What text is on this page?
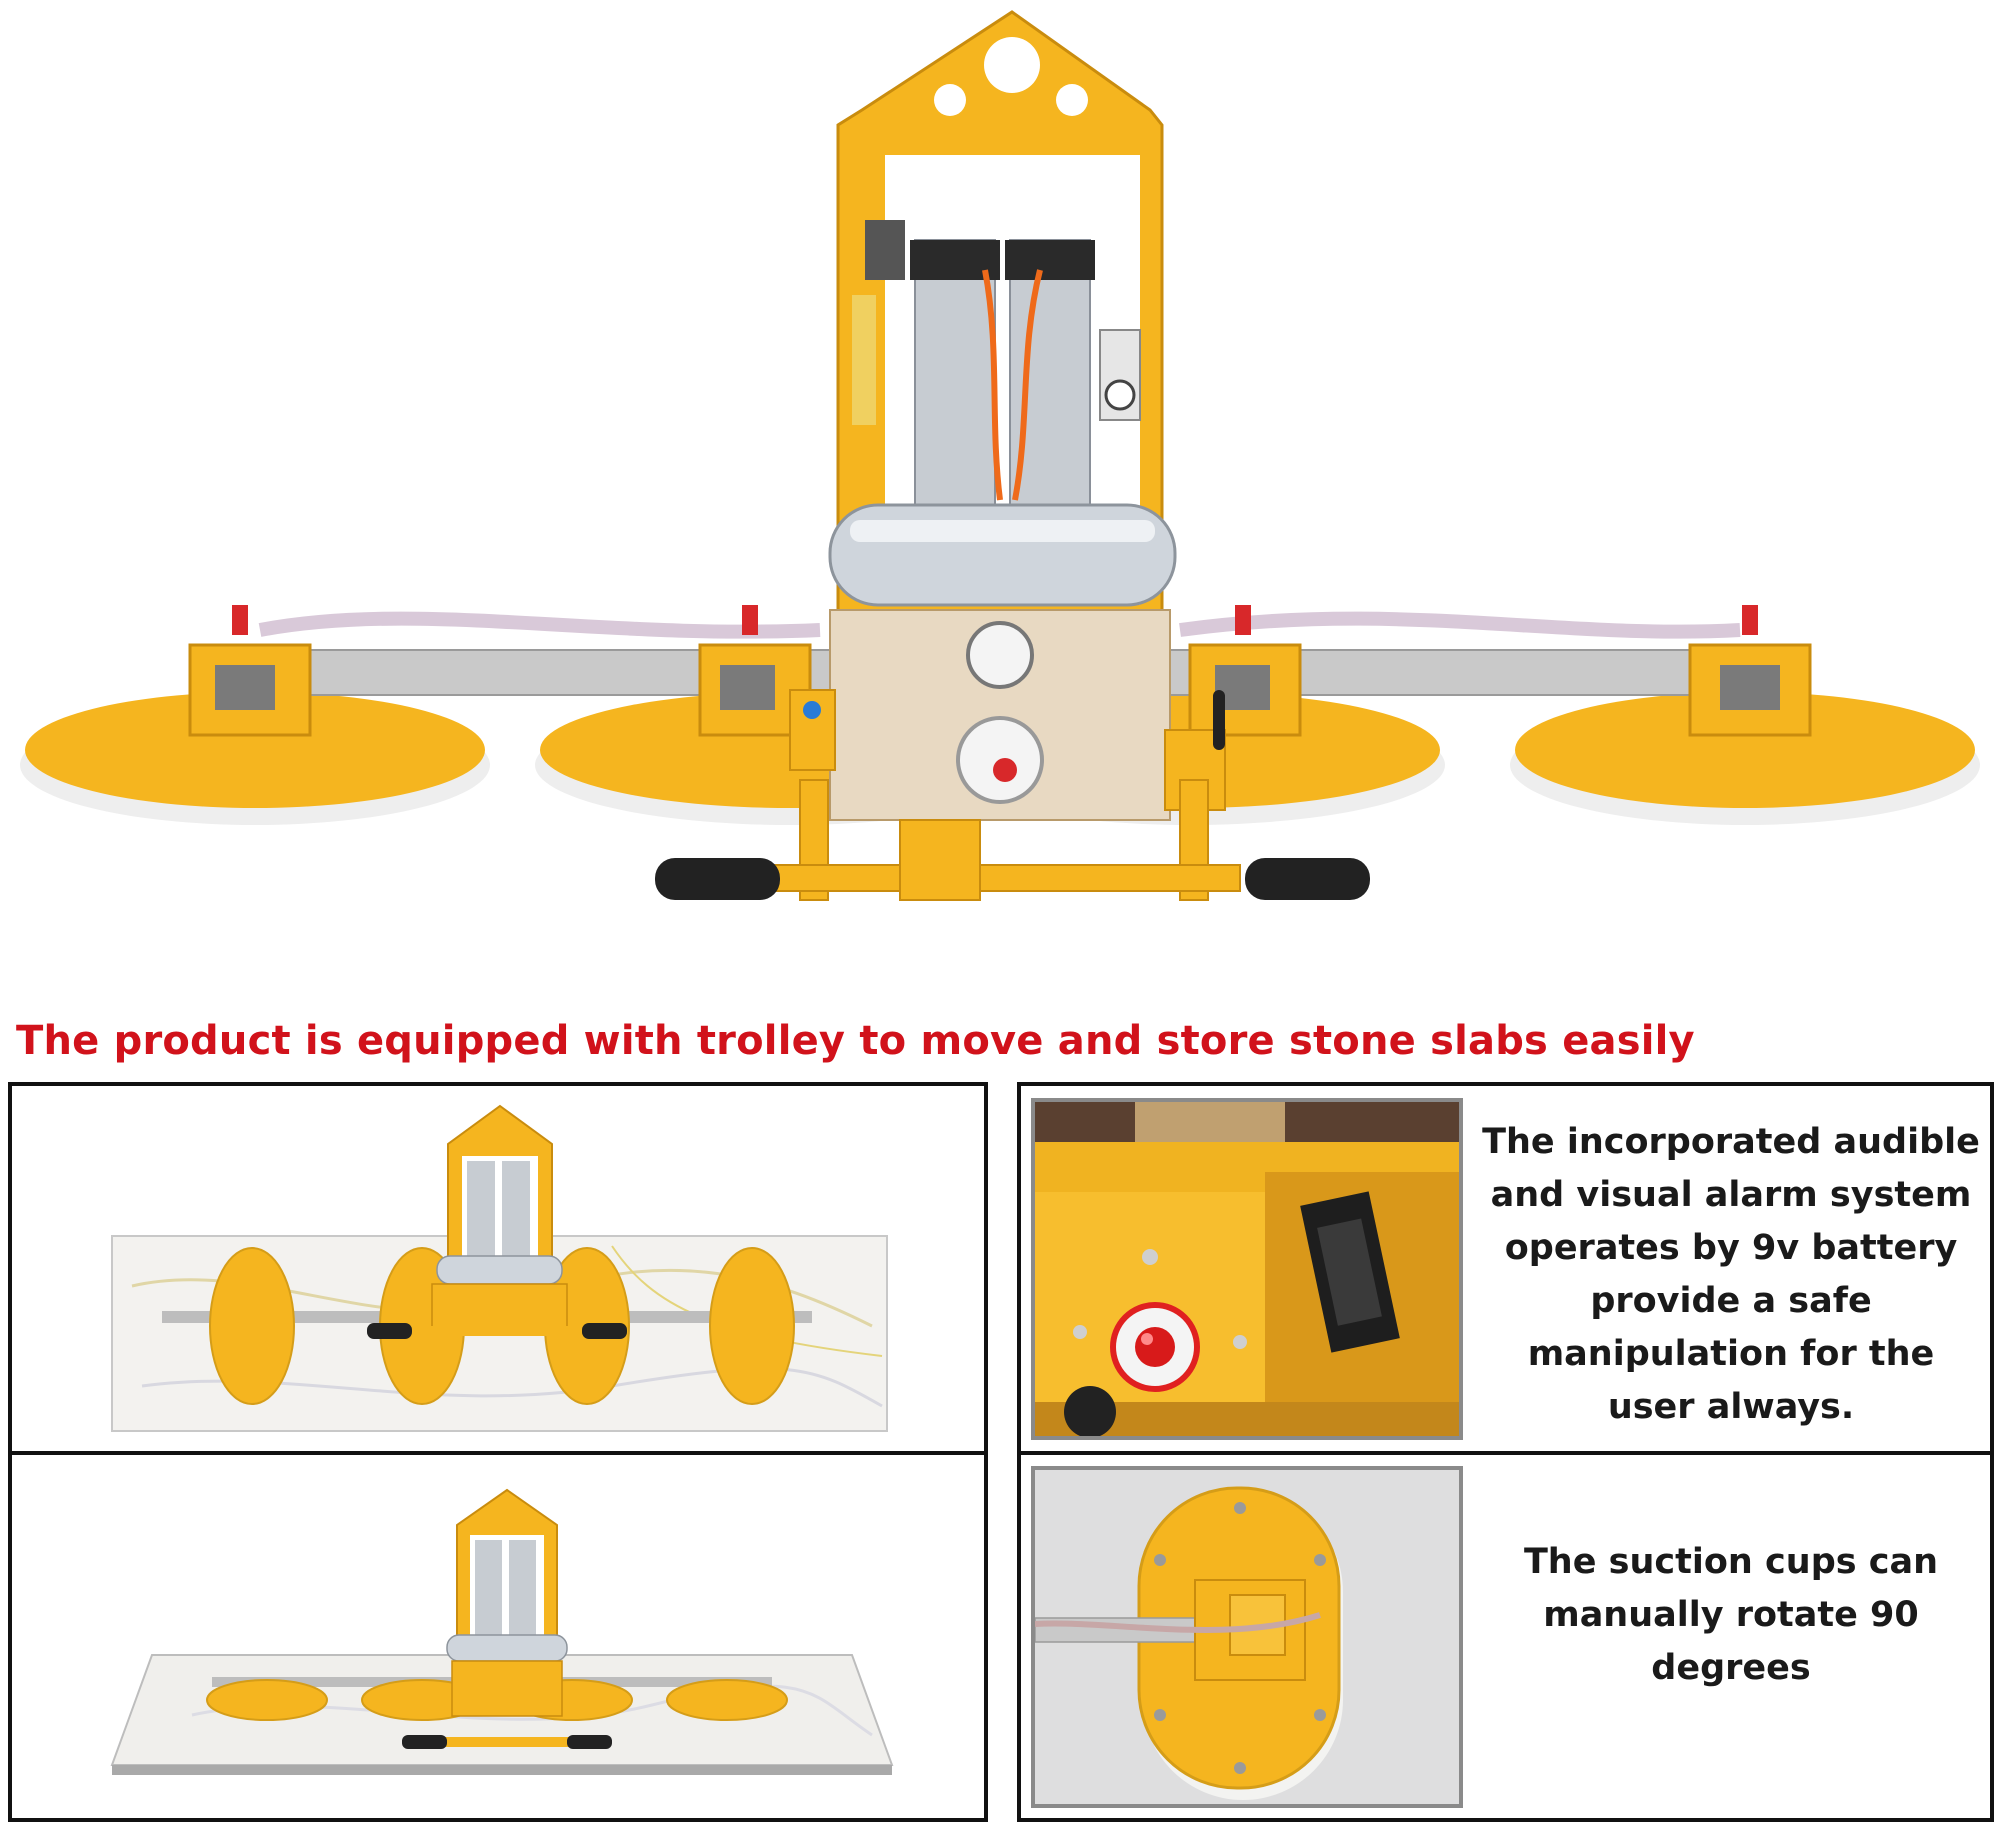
The product is equipped with trolley to move and store stone slabs easily

The incorporated audible and visual alarm system operates by 9v battery provide a safe manipulation for the user always.

The suction cups can manually rotate 90 degrees
